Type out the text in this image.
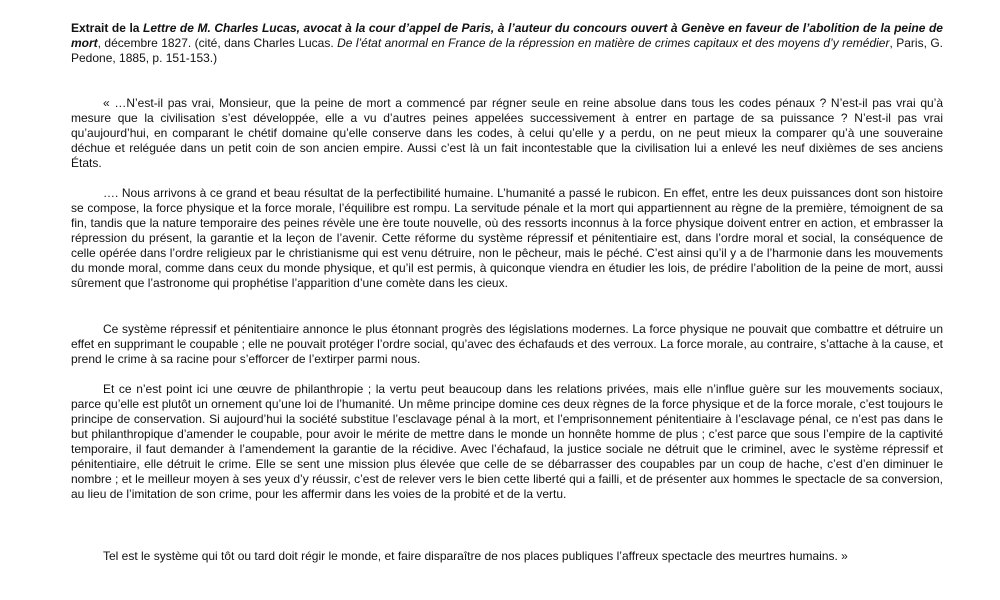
Extrait de la Lettre de M. Charles Lucas, avocat à la cour d’appel de Paris, à l’auteur du concours ouvert à Genève en faveur de l’abolition de la peine de mort, décembre 1827. (cité, dans Charles Lucas. De l’état anormal en France de la répression en matière de crimes capitaux et des moyens d’y remédier, Paris, G. Pedone, 1885, p. 151-153.)

« …N’est-il pas vrai, Monsieur, que la peine de mort a commencé par régner seule en reine absolue dans tous les codes pénaux ? N’est-il pas vrai qu’à mesure que la civilisation s’est développée, elle a vu d’autres peines appelées successivement à entrer en partage de sa puissance ? N’est-il pas vrai qu’aujourd’hui, en comparant le chétif domaine qu’elle conserve dans les codes, à celui qu’elle y a perdu, on ne peut mieux la comparer qu’à une souveraine déchue et reléguée dans un petit coin de son ancien empire. Aussi c’est là un fait incontestable que la civilisation lui a enlevé les neuf dixièmes de ses anciens États.

…. Nous arrivons à ce grand et beau résultat de la perfectibilité humaine. L’humanité a passé le rubicon. En effet, entre les deux puissances dont son histoire se compose, la force physique et la force morale, l’équilibre est rompu. La servitude pénale et la mort qui appartiennent au règne de la première, témoignent de sa fin, tandis que la nature temporaire des peines révèle une ère toute nouvelle, où des ressorts inconnus à la force physique doivent entrer en action, et embrasser la répression du présent, la garantie et la leçon de l’avenir. Cette réforme du système répressif et pénitentiaire est, dans l’ordre moral et social, la conséquence de celle opérée dans l’ordre religieux par le christianisme qui est venu détruire, non le pêcheur, mais le péché. C’est ainsi qu’il y a de l’harmonie dans les mouvements du monde moral, comme dans ceux du monde physique, et qu’il est permis, à quiconque viendra en étudier les lois, de prédire l’abolition de la peine de mort, aussi sûrement que l’astronome qui prophétise l’apparition d’une comète dans les cieux.

Ce système répressif et pénitentiaire annonce le plus étonnant progrès des législations modernes. La force physique ne pouvait que combattre et détruire un effet en supprimant le coupable ; elle ne pouvait protéger l’ordre social, qu’avec des échafauds et des verroux. La force morale, au contraire, s’attache à la cause, et prend le crime à sa racine pour s’efforcer de l’extirper parmi nous.

Et ce n’est point ici une œuvre de philanthropie ; la vertu peut beaucoup dans les relations privées, mais elle n’influe guère sur les mouvements sociaux, parce qu’elle est plutôt un ornement qu’une loi de l’humanité. Un même principe domine ces deux règnes de la force physique et de la force morale, c’est toujours le principe de conservation. Si aujourd’hui la société substitue l’esclavage pénal à la mort, et l’emprisonnement pénitentiaire à l’esclavage pénal, ce n’est pas dans le but philanthropique d’amender le coupable, pour avoir le mérite de mettre dans le monde un honnête homme de plus ; c’est parce que sous l’empire de la captivité temporaire, il faut demander à l’amendement la garantie de la récidive. Avec l’échafaud, la justice sociale ne détruit que le criminel, avec le système répressif et pénitentiaire, elle détruit le crime. Elle se sent une mission plus élevée que celle de se débarrasser des coupables par un coup de hache, c’est d’en diminuer le nombre ; et le meilleur moyen à ses yeux d’y réussir, c’est de relever vers le bien cette liberté qui a failli, et de présenter aux hommes le spectacle de sa conversion, au lieu de l’imitation de son crime, pour les affermir dans les voies de la probité et de la vertu.

Tel est le système qui tôt ou tard doit régir le monde, et faire disparaître de nos places publiques l’affreux spectacle des meurtres humains. »
